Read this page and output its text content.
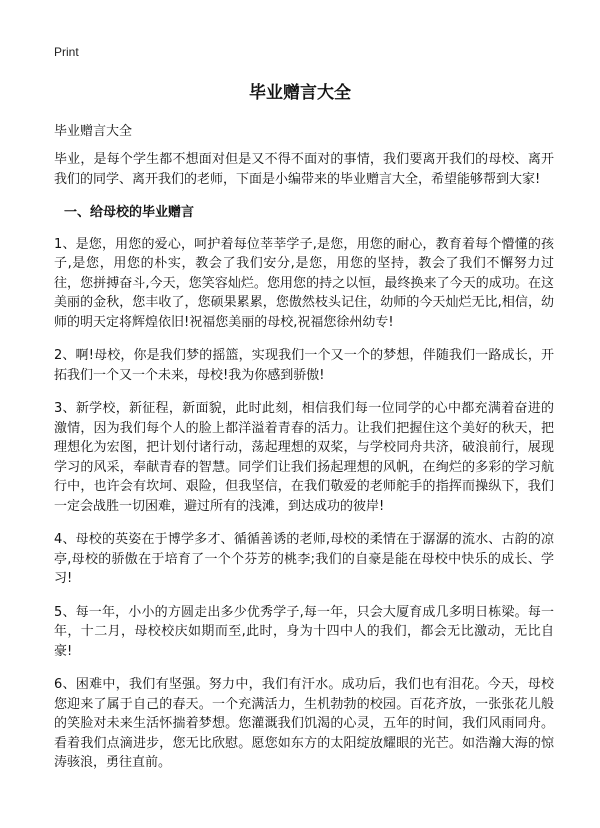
Print
毕业赠言大全
毕业赠言大全

毕业，是每个学生都不想面对但是又不得不面对的事情，我们要离开我们的母校、离开我们的同学、离开我们的老师，下面是小编带来的毕业赠言大全，希望能够帮到大家!

一、给母校的毕业赠言

1、是您，用您的爱心，呵护着每位莘莘学子,是您，用您的耐心，教育着每个懵懂的孩子,是您，用您的朴实，教会了我们安分,是您，用您的坚持，教会了我们不懈努力过往，您拼搏奋斗,今天，您笑容灿烂。您用您的持之以恒，最终换来了今天的成功。在这美丽的金秋，您丰收了，您硕果累累，您傲然枝头记住，幼师的今天灿烂无比,相信，幼师的明天定将辉煌依旧!祝福您美丽的母校,祝福您徐州幼专!

2、啊!母校，你是我们梦的摇篮，实现我们一个又一个的梦想，伴随我们一路成长，开拓我们一个又一个未来，母校!我为你感到骄傲!

3、新学校，新征程，新面貌，此时此刻，相信我们每一位同学的心中都充满着奋进的激情，因为我们每个人的脸上都洋溢着青春的活力。让我们把握住这个美好的秋天，把理想化为宏图，把计划付诸行动，荡起理想的双桨，与学校同舟共济，破浪前行，展现学习的风采，奉献青春的智慧。同学们让我们扬起理想的风帆，在绚烂的多彩的学习航行中，也许会有坎坷、艰险，但我坚信，在我们敬爱的老师舵手的指挥而操纵下，我们一定会战胜一切困难，避过所有的浅滩，到达成功的彼岸!

4、母校的英姿在于博学多才、循循善诱的老师,母校的柔情在于潺潺的流水、古韵的凉亭,母校的骄傲在于培育了一个个芬芳的桃李;我们的自豪是能在母校中快乐的成长、学习!

5、每一年，小小的方圆走出多少优秀学子,每一年，只会大厦育成几多明日栋梁。每一年，十二月，母校校庆如期而至,此时，身为十四中人的我们，都会无比激动，无比自豪!

6、困难中，我们有坚强。努力中，我们有汗水。成功后，我们也有泪花。今天，母校您迎来了属于自己的春天。一个充满活力，生机勃勃的校园。百花齐放，一张张花儿般的笑脸对未来生活怀揣着梦想。您灌溉我们饥渴的心灵，五年的时间，我们风雨同舟。看着我们点滴进步，您无比欣慰。愿您如东方的太阳绽放耀眼的光芒。如浩瀚大海的惊涛骇浪，勇往直前。
